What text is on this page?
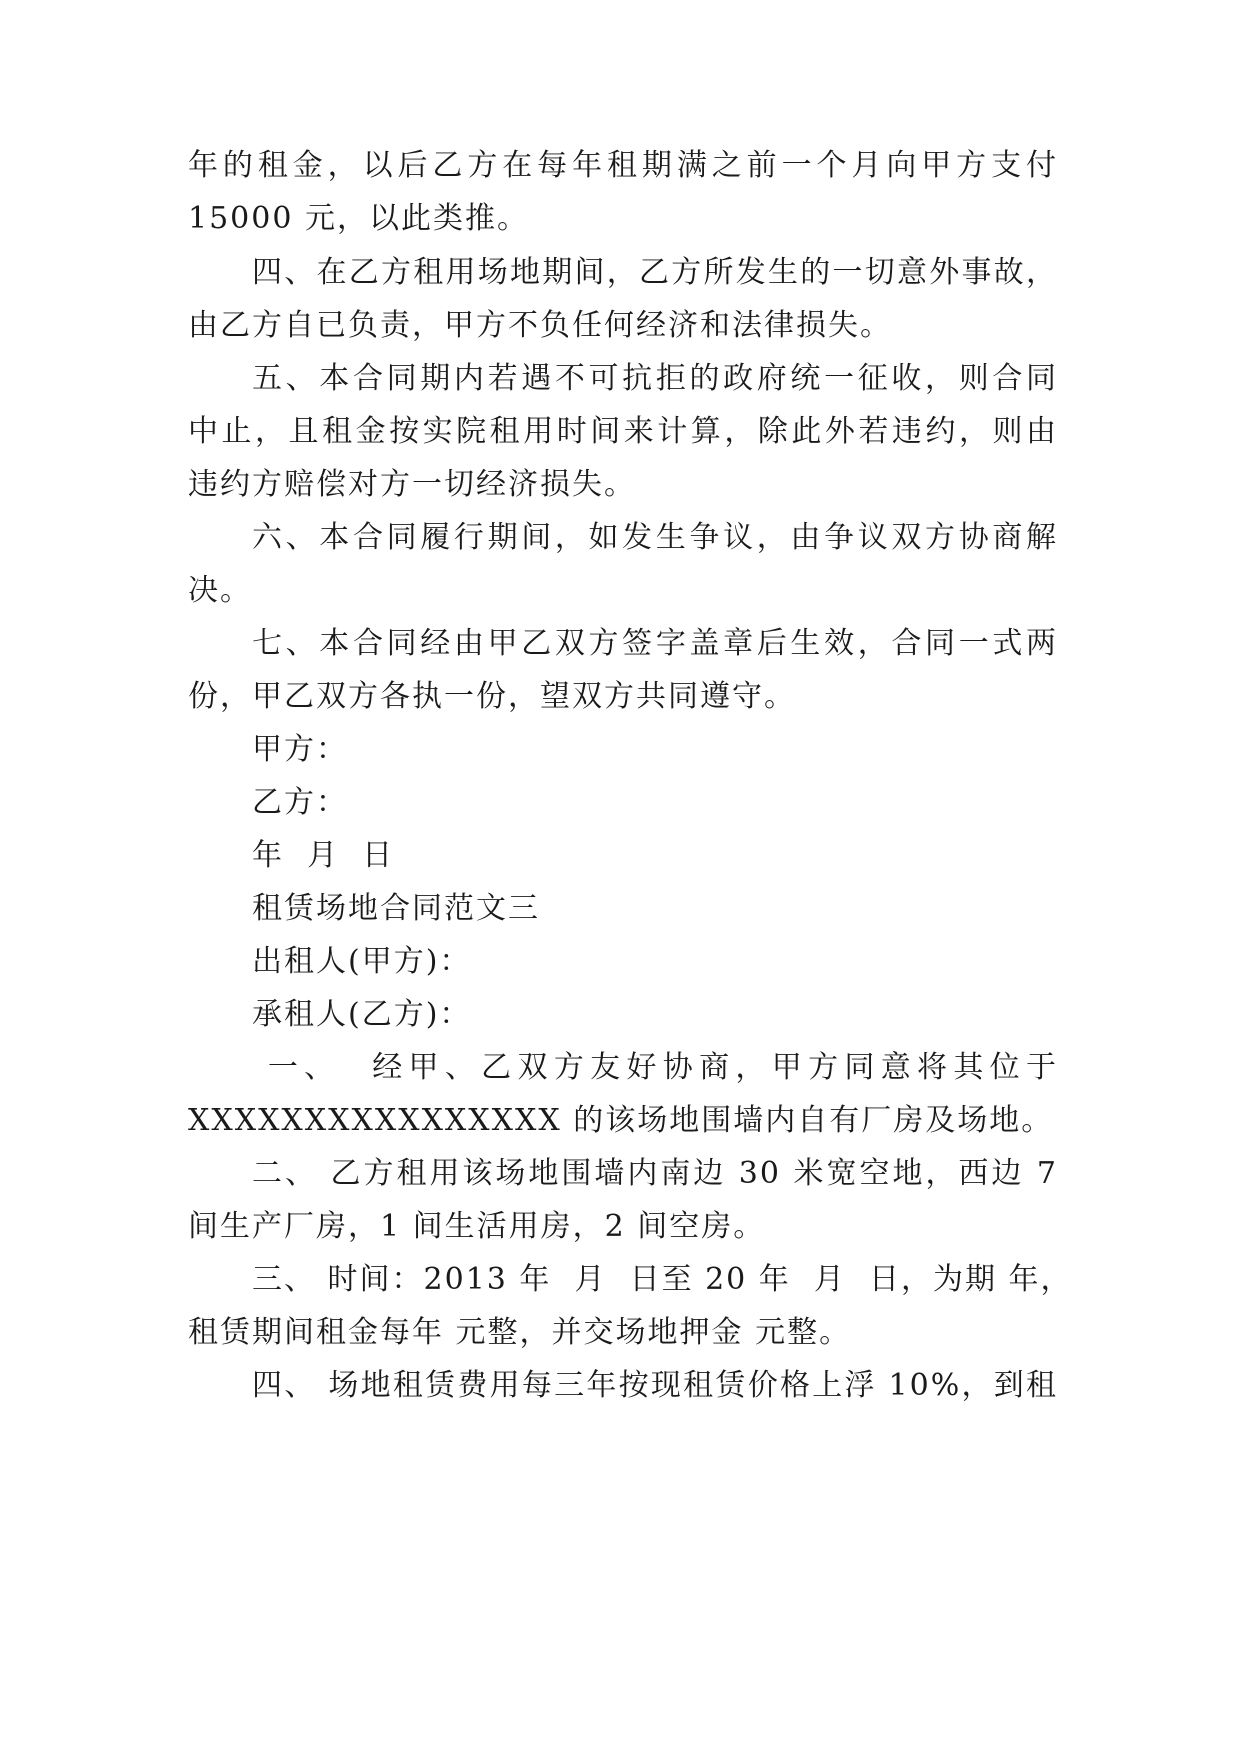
年的租金，以后乙方在每年租期满之前一个月向甲方支付
15000 元，以此类推。
四、在乙方租用场地期间，乙方所发生的一切意外事故，
由乙方自已负责，甲方不负任何经济和法律损失。
五、本合同期内若遇不可抗拒的政府统一征收，则合同
中止，且租金按实院租用时间来计算，除此外若违约，则由
违约方赔偿对方一切经济损失。
六、本合同履行期间，如发生争议，由争议双方协商解
决。
七、本合同经由甲乙双方签字盖章后生效，合同一式两
份，甲乙双方各执一份，望双方共同遵守。
甲方：
乙方：
年  月  日
租赁场地合同范文三
出租人(甲方)：
承租人(乙方)：
一、  经甲、乙双方友好协商，甲方同意将其位于
XXXXXXXXXXXXXXXX 的该场地围墙内自有厂房及场地。
二、 乙方租用该场地围墙内南边 30 米宽空地，西边 7
间生产厂房，1 间生活用房，2 间空房。
三、 时间：2013 年  月  日至 20 年  月  日，为期 年，
租赁期间租金每年 元整，并交场地押金 元整。
四、 场地租赁费用每三年按现租赁价格上浮 10%，到租
